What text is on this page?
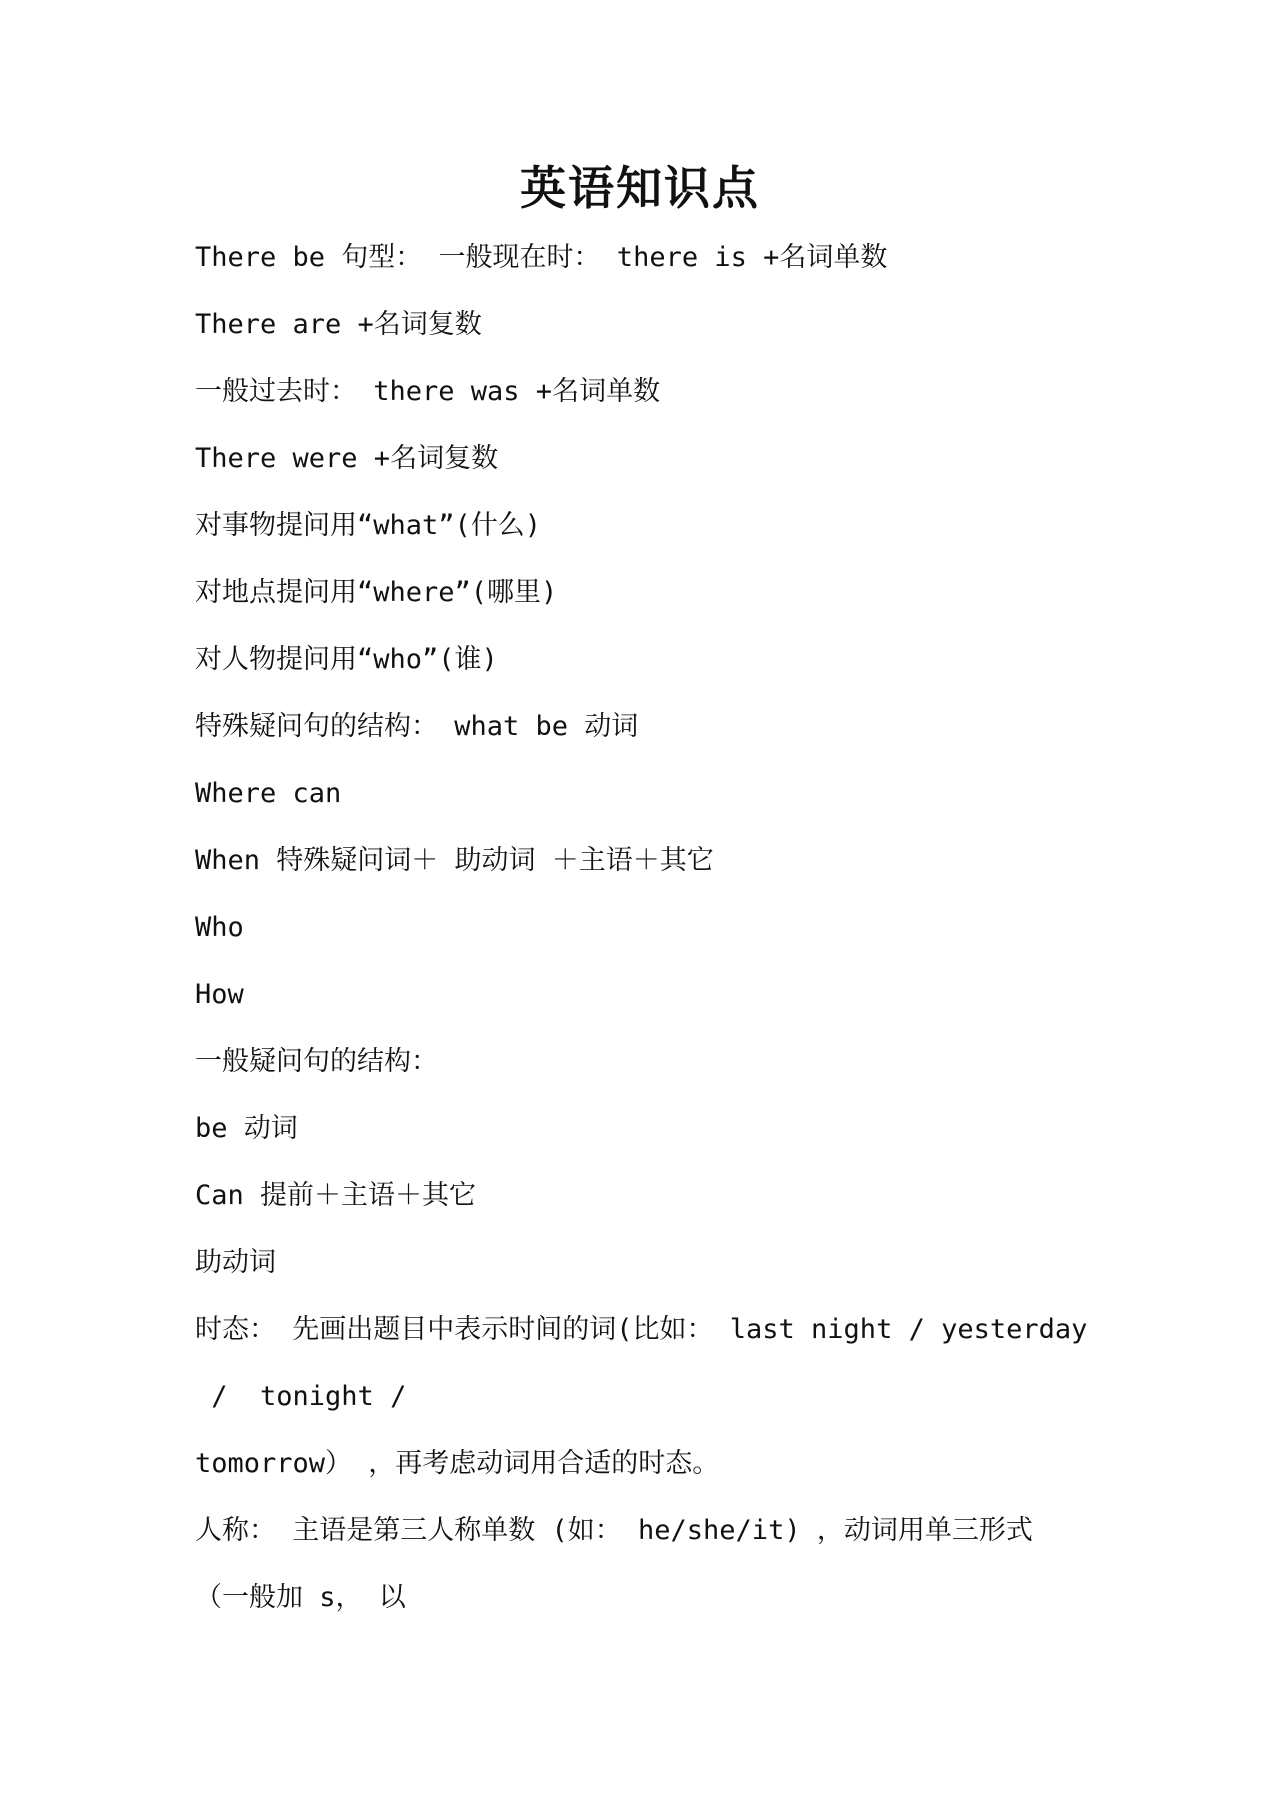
英语知识点
There be 句型： 一般现在时： there is +名词单数
There are +名词复数
一般过去时： there was +名词单数
There were +名词复数
对事物提问用“what”(什么)
对地点提问用“where”(哪里)
对人物提问用“who”(谁)
特殊疑问句的结构： what be 动词
Where can
When 特殊疑问词＋ 助动词 ＋主语＋其它
Who
How
一般疑问句的结构：
be 动词
Can 提前＋主语＋其它
助动词
时态： 先画出题目中表示时间的词(比如： last night / yesterday
/  tonight /
tomorrow） ，再考虑动词用合适的时态。
人称： 主语是第三人称单数 (如： he/she/it) ，动词用单三形式
（一般加 s， 以
